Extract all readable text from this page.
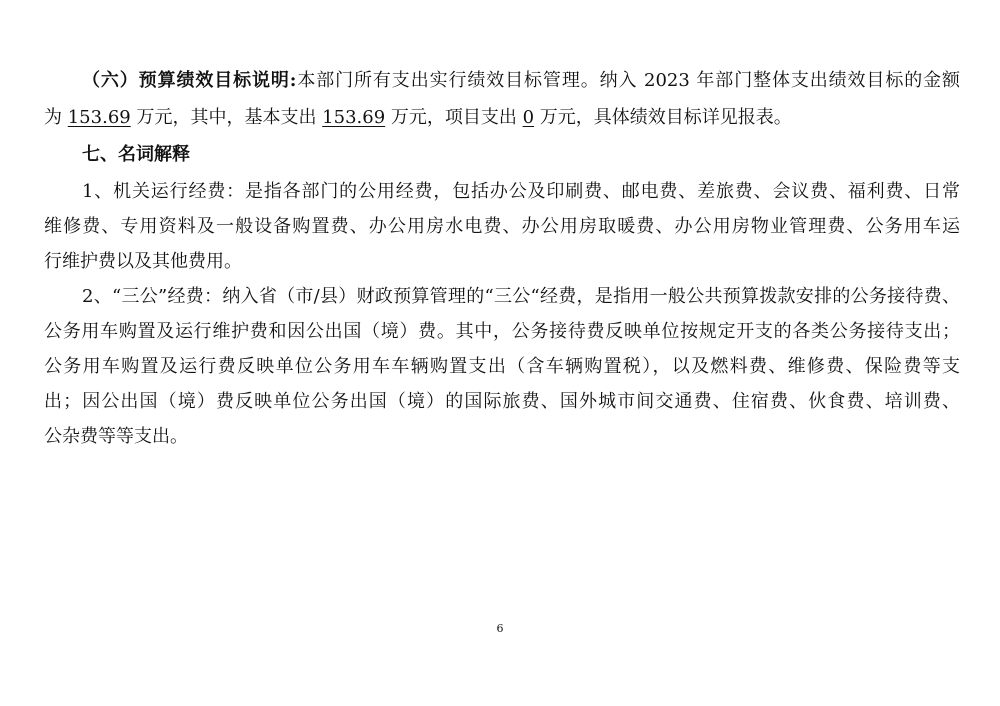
（六）预算绩效目标说明:本部门所有支出实行绩效目标管理。纳入 2023 年部门整体支出绩效目标的金额
为 153.69 万元，其中，基本支出 153.69 万元，项目支出 0 万元，具体绩效目标详见报表。
七、名词解释
1、机关运行经费：是指各部门的公用经费，包括办公及印刷费、邮电费、差旅费、会议费、福利费、日常
维修费、专用资料及一般设备购置费、办公用房水电费、办公用房取暖费、办公用房物业管理费、公务用车运
行维护费以及其他费用。
2、“三公”经费：纳入省（市/县）财政预算管理的“三公“经费，是指用一般公共预算拨款安排的公务接待费、
公务用车购置及运行维护费和因公出国（境）费。其中，公务接待费反映单位按规定开支的各类公务接待支出；
公务用车购置及运行费反映单位公务用车车辆购置支出（含车辆购置税），以及燃料费、维修费、保险费等支
出；因公出国（境）费反映单位公务出国（境）的国际旅费、国外城市间交通费、住宿费、伙食费、培训费、
公杂费等等支出。
6
